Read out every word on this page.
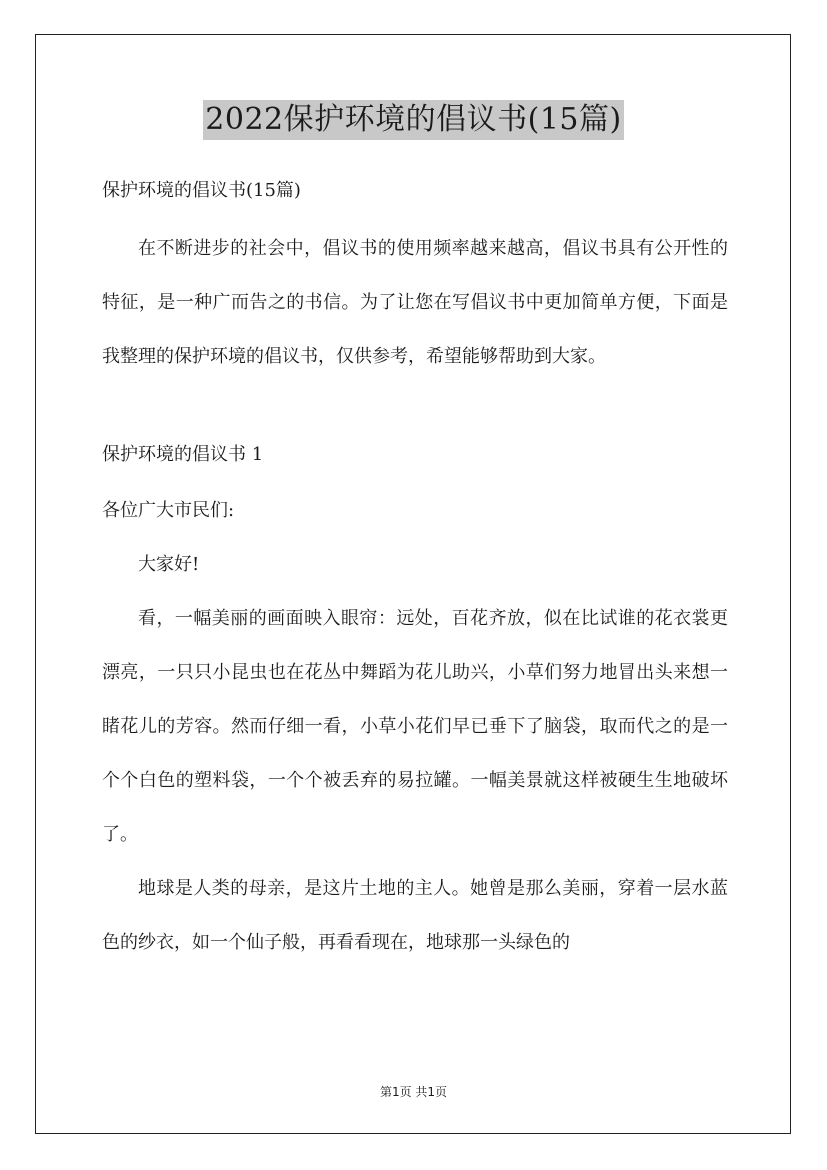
2022保护环境的倡议书(15篇)
保护环境的倡议书(15篇)
在不断进步的社会中，倡议书的使用频率越来越高，倡议书具有公开性的特征，是一种广而告之的书信。为了让您在写倡议书中更加简单方便，下面是我整理的保护环境的倡议书，仅供参考，希望能够帮助到大家。
保护环境的倡议书 1
各位广大市民们:
大家好!
看，一幅美丽的画面映入眼帘：远处，百花齐放，似在比试谁的花衣裳更漂亮，一只只小昆虫也在花丛中舞蹈为花儿助兴，小草们努力地冒出头来想一睹花儿的芳容。然而仔细一看，小草小花们早已垂下了脑袋，取而代之的是一个个白色的塑料袋，一个个被丢弃的易拉罐。一幅美景就这样被硬生生地破坏了。
地球是人类的母亲，是这片土地的主人。她曾是那么美丽，穿着一层水蓝色的纱衣，如一个仙子般，再看看现在，地球那一头绿色的
第1页 共1页
